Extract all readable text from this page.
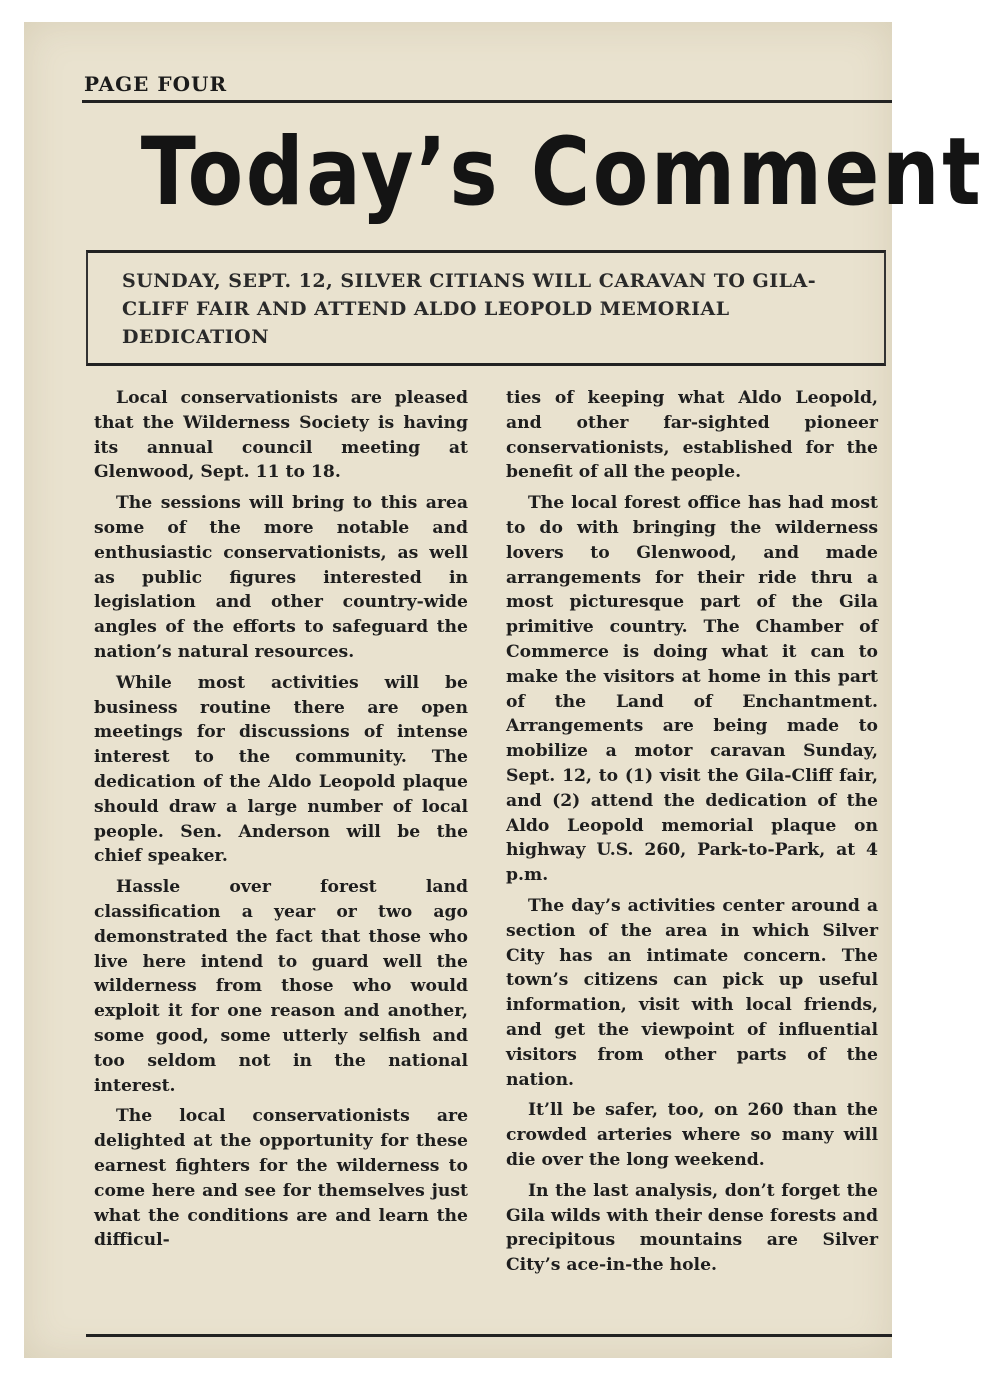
PAGE FOUR
Today’s Comment

SUNDAY, SEPT. 12, SILVER CITIANS WILL CARAVAN TO GILA-CLIFF FAIR AND ATTEND ALDO LEOPOLD MEMORIAL DEDICATION

Local conservationists are pleased that the Wilderness Society is having its annual council meeting at Glenwood, Sept. 11 to 18.

The sessions will bring to this area some of the more notable and enthusiastic conservationists, as well as public figures interested in legislation and other country-wide angles of the efforts to safeguard the nation’s natural resources.

While most activities will be business routine there are open meetings for discussions of intense interest to the community. The dedication of the Aldo Leopold plaque should draw a large number of local people. Sen. Anderson will be the chief speaker.

Hassle over forest land classification a year or two ago demonstrated the fact that those who live here intend to guard well the wilderness from those who would exploit it for one reason and another, some good, some utterly selfish and too seldom not in the national interest.

The local conservationists are delighted at the opportunity for these earnest fighters for the wilderness to come here and see for themselves just what the conditions are and learn the difficul-

ties of keeping what Aldo Leopold, and other far-sighted pioneer conservationists, established for the benefit of all the people.

The local forest office has had most to do with bringing the wilderness lovers to Glenwood, and made arrangements for their ride thru a most picturesque part of the Gila primitive country. The Chamber of Commerce is doing what it can to make the visitors at home in this part of the Land of Enchantment. Arrangements are being made to mobilize a motor caravan Sunday, Sept. 12, to (1) visit the Gila-Cliff fair, and (2) attend the dedication of the Aldo Leopold memorial plaque on highway U.S. 260, Park-to-Park, at 4 p.m.

The day’s activities center around a section of the area in which Silver City has an intimate concern. The town’s citizens can pick up useful information, visit with local friends, and get the viewpoint of influential visitors from other parts of the nation.

It’ll be safer, too, on 260 than the crowded arteries where so many will die over the long weekend.

In the last analysis, don’t forget the Gila wilds with their dense forests and precipitous mountains are Silver City’s ace-in-the hole.
